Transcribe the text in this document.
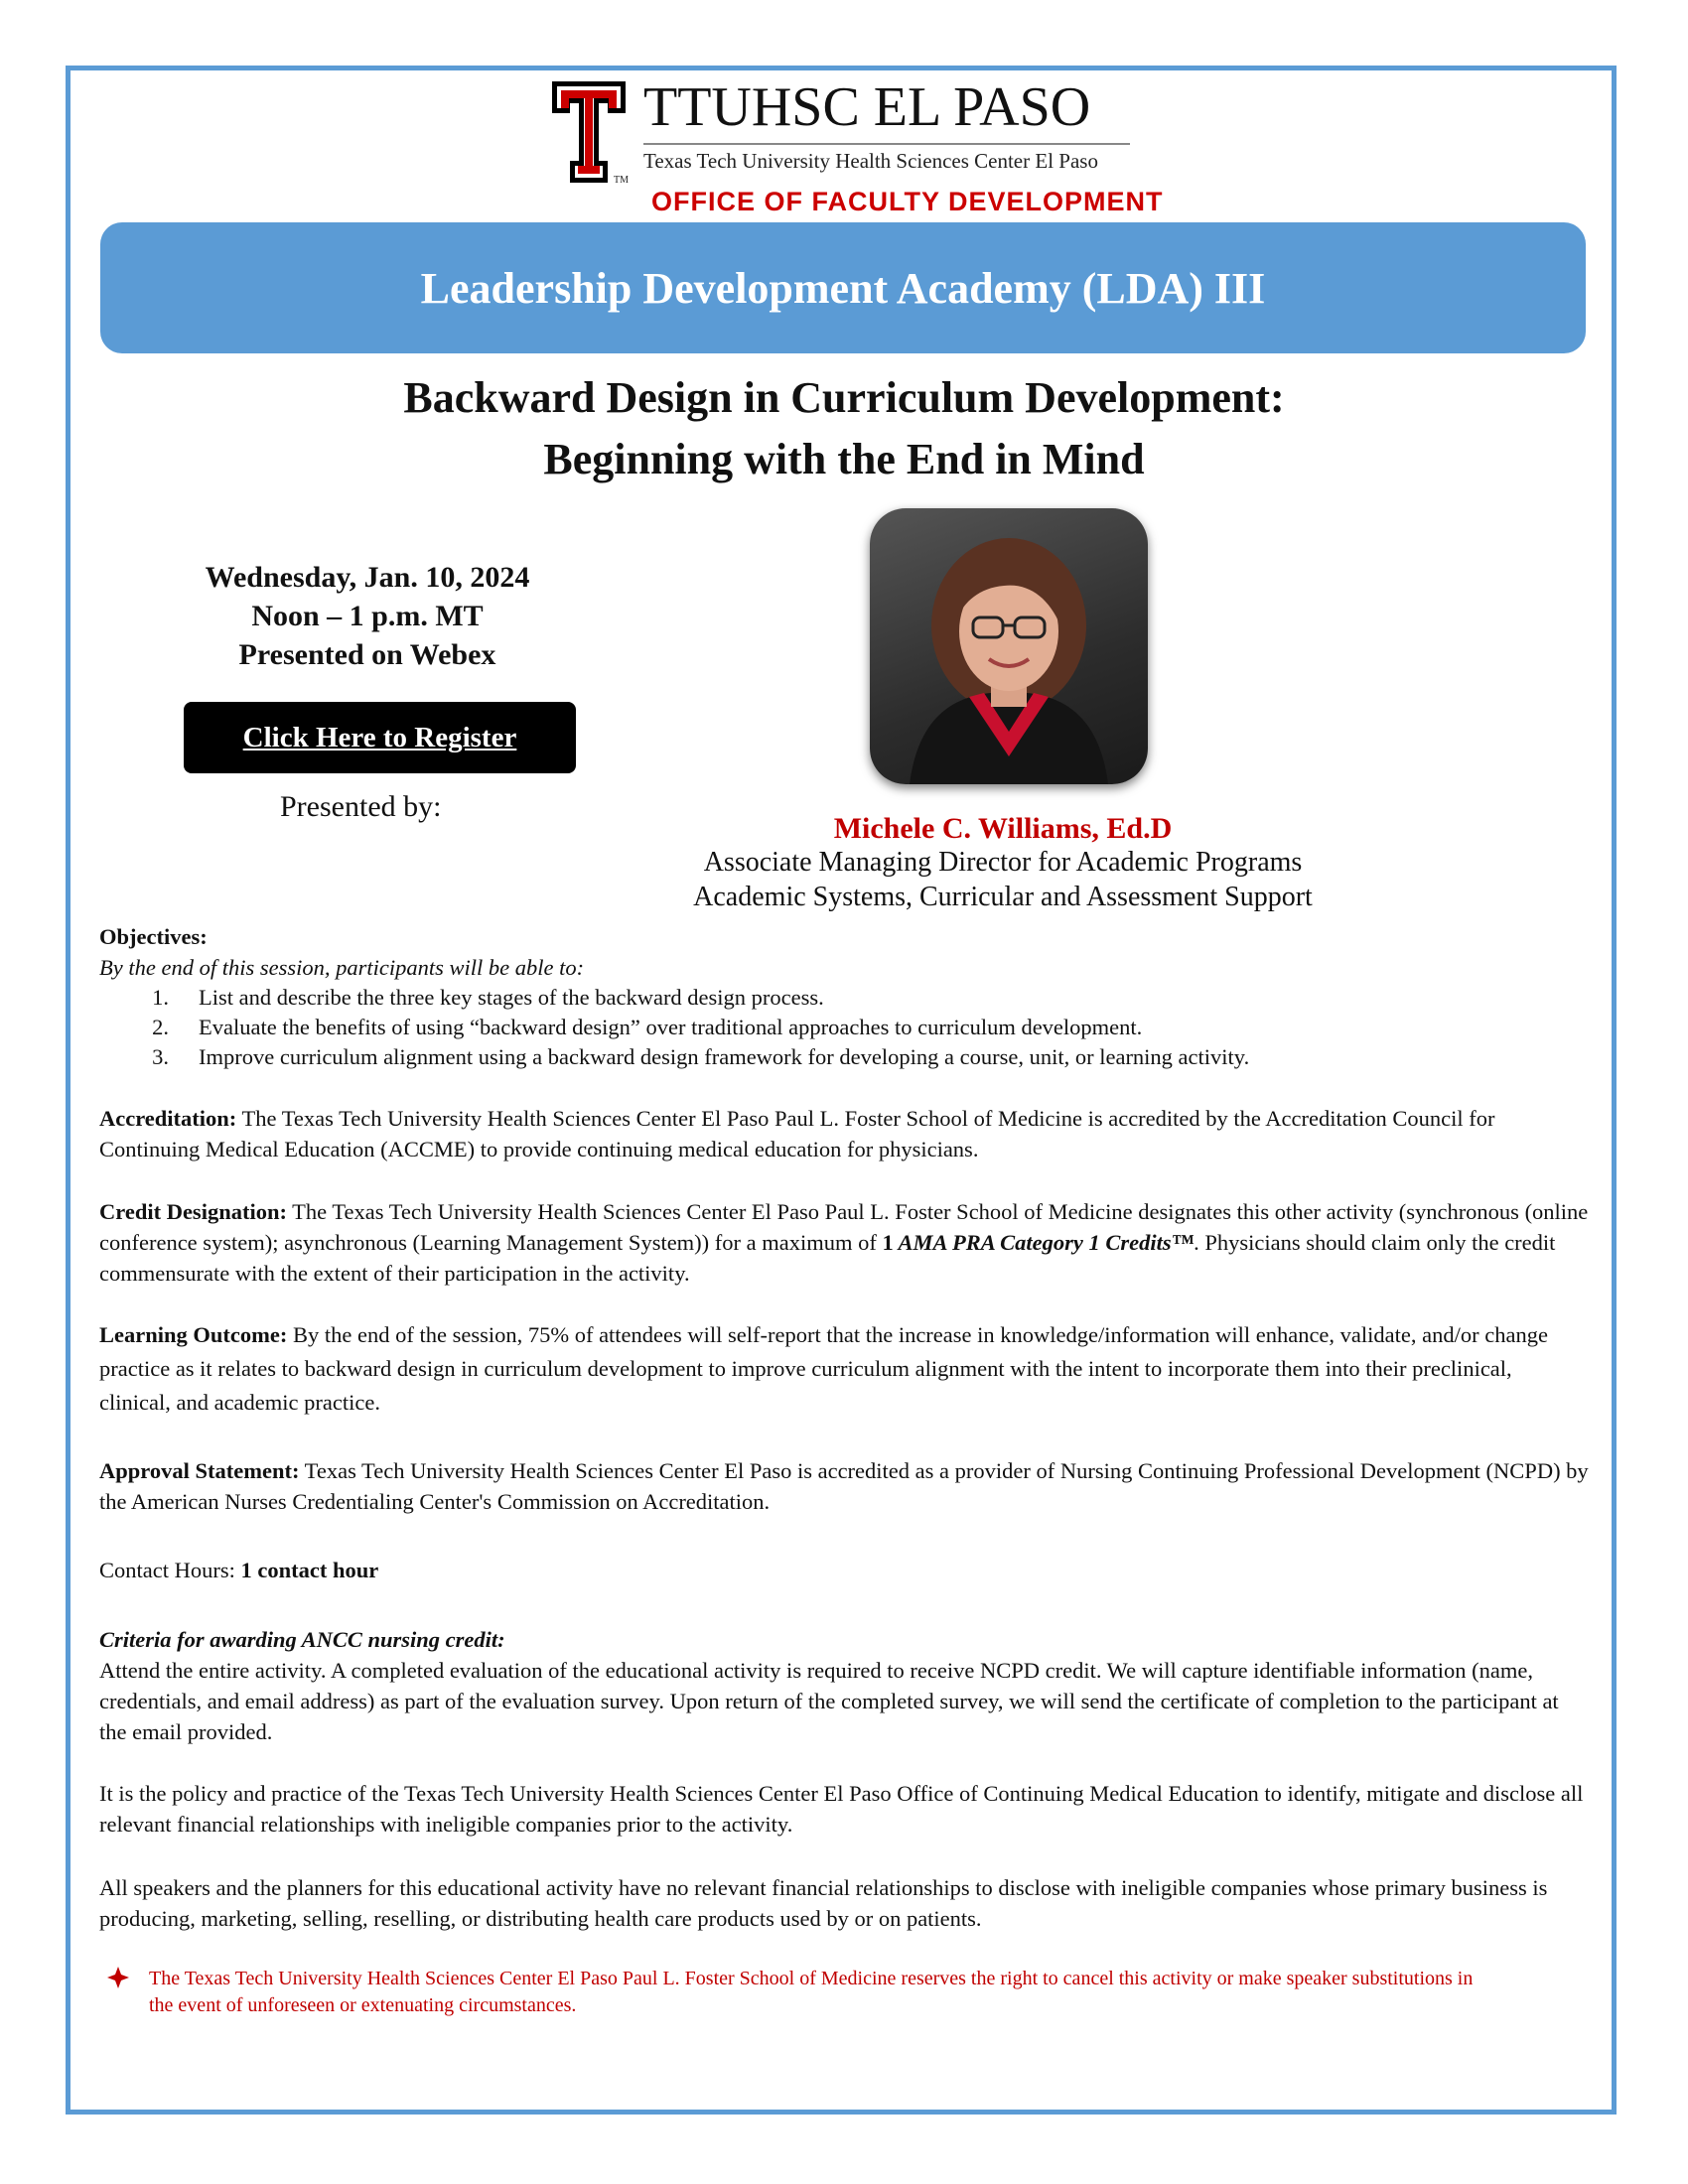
TTUHSC EL PASO
Texas Tech University Health Sciences Center El Paso
TM
OFFICE OF FACULTY DEVELOPMENT
Leadership Development Academy (LDA) III
Backward Design in Curriculum Development:
Beginning with the End in Mind
Wednesday, Jan. 10, 2024
Noon – 1 p.m. MT
Presented on Webex
Click Here to Register
Presented by:
Michele C. Williams, Ed.D
Associate Managing Director for Academic Programs
Academic Systems, Curricular and Assessment Support
Objectives:
By the end of this session, participants will be able to:
1.	List and describe the three key stages of the backward design process.
2.	Evaluate the benefits of using “backward design” over traditional approaches to curriculum development.
3.	Improve curriculum alignment using a backward design framework for developing a course, unit, or learning activity.
Accreditation: The Texas Tech University Health Sciences Center El Paso Paul L. Foster School of Medicine is accredited by the Accreditation Council for Continuing Medical Education (ACCME) to provide continuing medical education for physicians.
Credit Designation: The Texas Tech University Health Sciences Center El Paso Paul L. Foster School of Medicine designates this other activity (synchronous (online conference system); asynchronous (Learning Management System)) for a maximum of 1 AMA PRA Category 1 Credits™. Physicians should claim only the credit commensurate with the extent of their participation in the activity.
Learning Outcome: By the end of the session, 75% of attendees will self-report that the increase in knowledge/information will enhance, validate, and/or change practice as it relates to backward design in curriculum development to improve curriculum alignment with the intent to incorporate them into their preclinical, clinical, and academic practice.
Approval Statement: Texas Tech University Health Sciences Center El Paso is accredited as a provider of Nursing Continuing Professional Development (NCPD) by the American Nurses Credentialing Center's Commission on Accreditation.
Contact Hours: 1 contact hour
Criteria for awarding ANCC nursing credit:
Attend the entire activity. A completed evaluation of the educational activity is required to receive NCPD credit. We will capture identifiable information (name, credentials, and email address) as part of the evaluation survey. Upon return of the completed survey, we will send the certificate of completion to the participant at the email provided.
It is the policy and practice of the Texas Tech University Health Sciences Center El Paso Office of Continuing Medical Education to identify, mitigate and disclose all relevant financial relationships with ineligible companies prior to the activity.
All speakers and the planners for this educational activity have no relevant financial relationships to disclose with ineligible companies whose primary business is producing, marketing, selling, reselling, or distributing health care products used by or on patients.
The Texas Tech University Health Sciences Center El Paso Paul L. Foster School of Medicine reserves the right to cancel this activity or make speaker substitutions in the event of unforeseen or extenuating circumstances.
